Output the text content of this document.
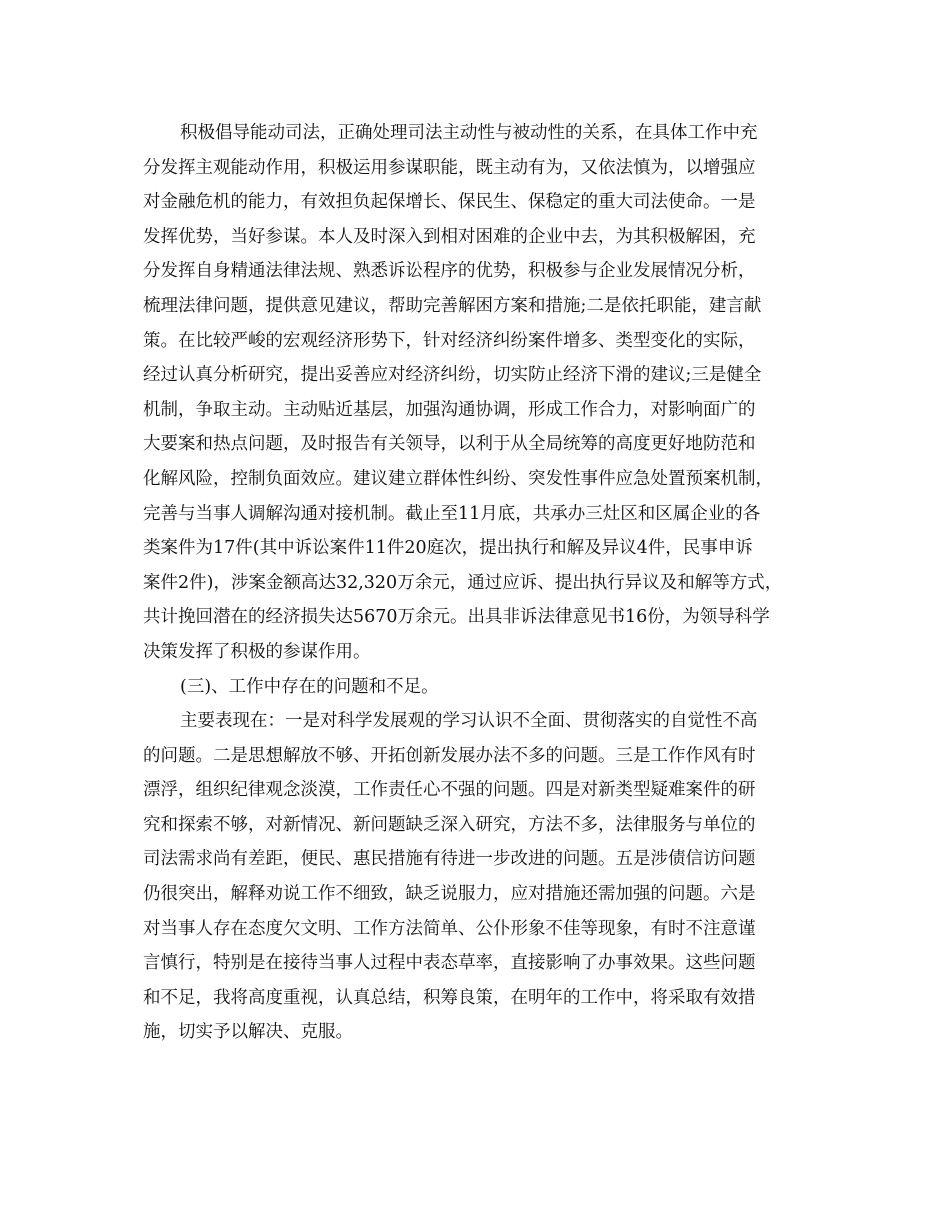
积极倡导能动司法，正确处理司法主动性与被动性的关系，在具体工作中充
分发挥主观能动作用，积极运用参谋职能，既主动有为，又依法慎为，以增强应
对金融危机的能力，有效担负起保增长、保民生、保稳定的重大司法使命。一是
发挥优势，当好参谋。本人及时深入到相对困难的企业中去，为其积极解困，充
分发挥自身精通法律法规、熟悉诉讼程序的优势，积极参与企业发展情况分析，
梳理法律问题，提供意见建议，帮助完善解困方案和措施;二是依托职能，建言献
策。在比较严峻的宏观经济形势下，针对经济纠纷案件增多、类型变化的实际，
经过认真分析研究，提出妥善应对经济纠纷，切实防止经济下滑的建议;三是健全
机制，争取主动。主动贴近基层，加强沟通协调，形成工作合力，对影响面广的
大要案和热点问题，及时报告有关领导，以利于从全局统筹的高度更好地防范和
化解风险，控制负面效应。建议建立群体性纠纷、突发性事件应急处置预案机制，
完善与当事人调解沟通对接机制。截止至11月底，共承办三灶区和区属企业的各
类案件为17件(其中诉讼案件11件20庭次，提出执行和解及异议4件，民事申诉
案件2件)，涉案金额高达32,320万余元，通过应诉、提出执行异议及和解等方式，
共计挽回潜在的经济损失达5670万余元。出具非诉法律意见书16份，为领导科学
决策发挥了积极的参谋作用。
(三)、工作中存在的问题和不足。
主要表现在：一是对科学发展观的学习认识不全面、贯彻落实的自觉性不高
的问题。二是思想解放不够、开拓创新发展办法不多的问题。三是工作作风有时
漂浮，组织纪律观念淡漠，工作责任心不强的问题。四是对新类型疑难案件的研
究和探索不够，对新情况、新问题缺乏深入研究，方法不多，法律服务与单位的
司法需求尚有差距，便民、惠民措施有待进一步改进的问题。五是涉债信访问题
仍很突出，解释劝说工作不细致，缺乏说服力，应对措施还需加强的问题。六是
对当事人存在态度欠文明、工作方法简单、公仆形象不佳等现象，有时不注意谨
言慎行，特别是在接待当事人过程中表态草率，直接影响了办事效果。这些问题
和不足，我将高度重视，认真总结，积筹良策，在明年的工作中，将采取有效措
施，切实予以解决、克服。
